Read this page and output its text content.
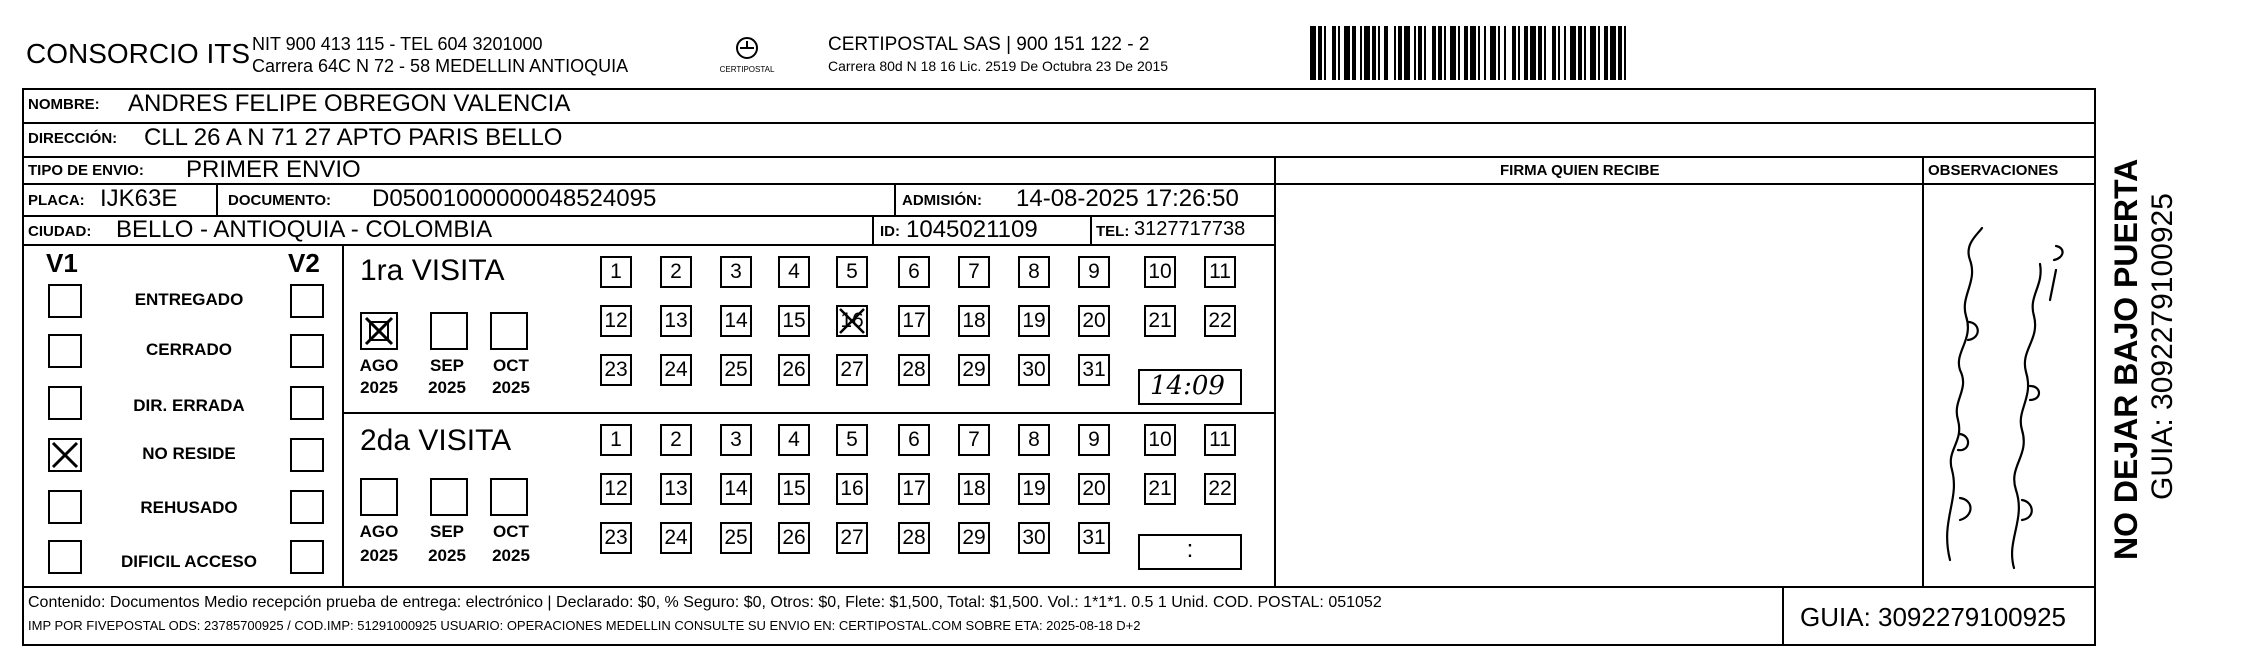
CONSORCIO ITS NIT 900 413 115 - TEL 604 3201000
Carrera 64C N 72 - 58 MEDELLIN ANTIOQUIA	CERTIPOSTAL
CERTIPOSTAL SAS | 900 151 122 - 2
Carrera 80d N 18 16 Lic. 2519 De Octubra 23 De 2015
NOMBRE: ANDRES FELIPE OBREGON VALENCIA
DIRECCIÓN: CLL 26 A N 71 27 APTO PARIS BELLO
TIPO DE ENVIO: PRIMER ENVIO	FIRMA QUIEN RECIBE	OBSERVACIONES
PLACA: IJK63E	DOCUMENTO: D05001000000048524095	ADMISIÓN: 14-08-2025 17:26:50
CIUDAD: BELLO - ANTIOQUIA - COLOMBIA	ID: 1045021109	TEL: 3127717738
V1	V2
ENTREGADO
CERRADO
DIR. ERRADA
NO RESIDE
REHUSADO
DIFICIL ACCESO
1ra VISITA
AGO	SEP	OCT
2025	2025	2025
1	2	3	4	5	6	7	8	9	10 11
12 13 14 15 16 17 18 19 20 21 22
23 24 25 26 27 28 29 30 31
14:09
2da VISITA
AGO	SEP	OCT
2025	2025	2025
1	2	3	4	5	6	7	8	9	10 11
12 13 14 15 16 17 18 19 20 21 22
23 24 25 26 27 28 29 30 31	:
Contenido: Documentos Medio recepción prueba de entrega: electrónico | Declarado: $0, % Seguro: $0, Otros: $0, Flete: $1,500, Total: $1,500. Vol.: 1*1*1. 0.5 1 Unid. COD. POSTAL: 051052
IMP POR FIVEPOSTAL ODS: 23785700925 / COD.IMP: 51291000925 USUARIO: OPERACIONES MEDELLIN CONSULTE SU ENVIO EN: CERTIPOSTAL.COM SOBRE ETA: 2025-08-18 D+2	GUIA: 3092279100925
NO DEJAR BAJO PUERTA GUIA: 3092279100925
